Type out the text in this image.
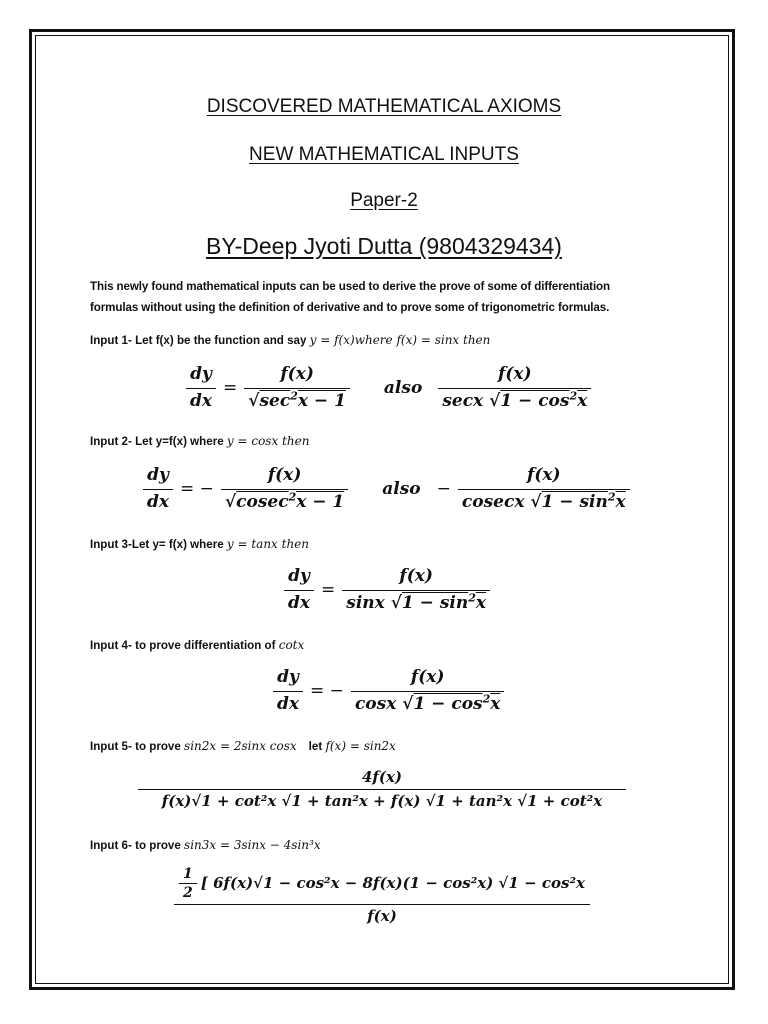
DISCOVERED MATHEMATICAL AXIOMS
NEW MATHEMATICAL INPUTS
Paper-2
BY-Deep Jyoti Dutta (9804329434)
This newly found mathematical inputs can be used to derive the prove of some of differentiation
formulas without using the definition of derivative and to prove some of trigonometric formulas.
Input 1- Let f(x) be the function and say y = f(x)where f(x) = sinx then
$\frac{dy}{dx} = \frac{f(x)}{√\sec^2x - 1}$ also $\frac{f(x)}{\sec x √1 - \cos^2x}$
Input 2- Let y=f(x) where y = cosx then
$\frac{dy}{dx}$ = − $\frac{f(x)}{√cosec^2x - 1}$ also − $\frac{f(x)}{cosecx √1 - \sin^2x}$
Input 3-Let y= f(x) where y = tanx then
$\frac{dy}{dx} = \frac{f(x)}{\sin x √1 - \sin^2x}$
Input 4- to prove differentiation of cotx
$\frac{dy}{dx}$ = − $\frac{f(x)}{\cos x √1 - \cos^2x}$
Input 5- to prove sin2x = 2sinx cosx let f(x) = sin2x
$\frac{4f(x)}{\text{f(x)√1 + cot²x √1 + tan²x + f(x) √1 + tan²x √1 + cot²x}}$
Input 6- to prove sin3x = 3sinx − 4sin³x
$\frac{\frac{1}{2} [ 6f(x)√1 - \cos^2x - 8f(x)(1 - \cos^2x) √1 - \cos^2x}{f(x)}$
